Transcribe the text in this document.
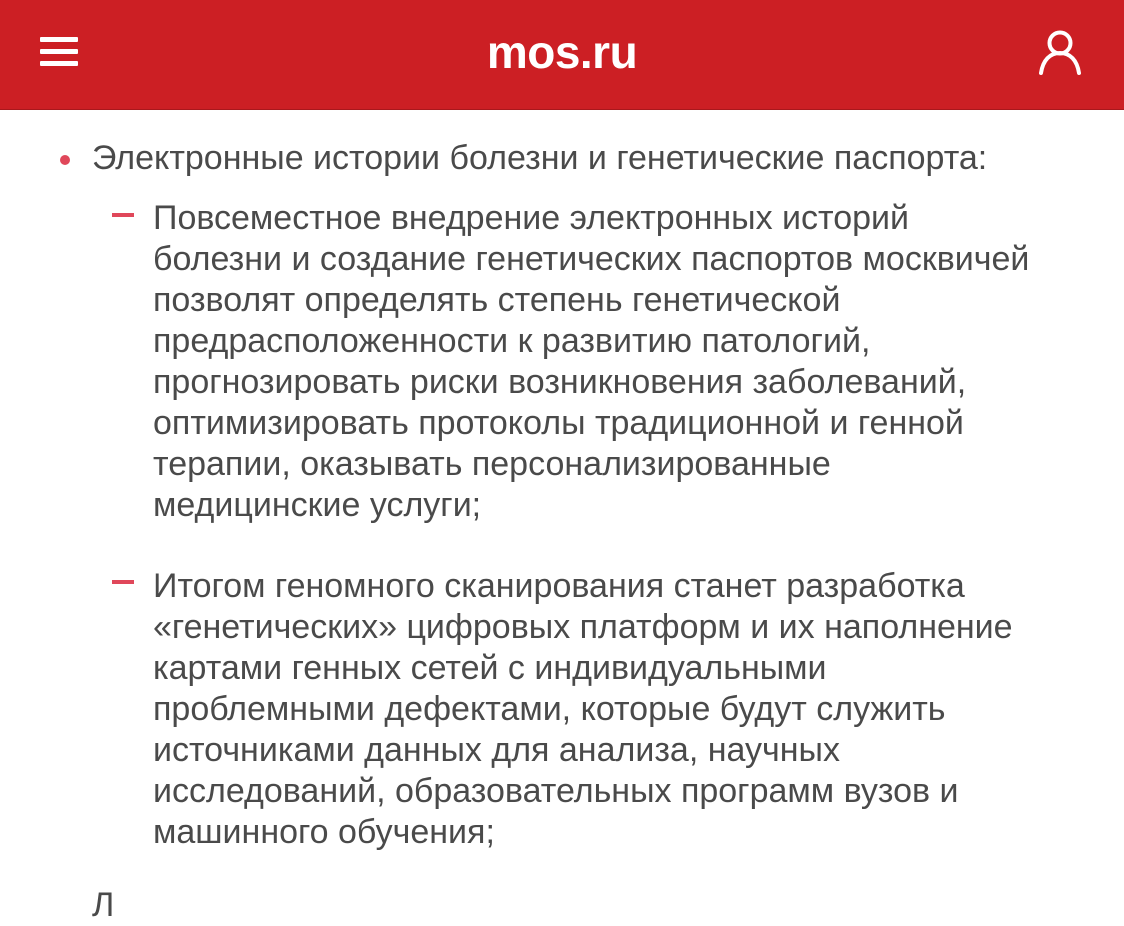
mos.ru

Электронные истории болезни и генетические паспорта:

Повсеместное внедрение электронных историй
болезни и создание генетических паспортов москвичей
позволят определять степень генетической
предрасположенности к развитию патологий,
прогнозировать риски возникновения заболеваний,
оптимизировать протоколы традиционной и генной
терапии, оказывать персонализированные
медицинские услуги;

Итогом геномного сканирования станет разработка
«генетических» цифровых платформ и их наполнение
картами генных сетей с индивидуальными
проблемными дефектами, которые будут служить
источниками данных для анализа, научных
исследований, образовательных программ вузов и
машинного обучения;

Л
